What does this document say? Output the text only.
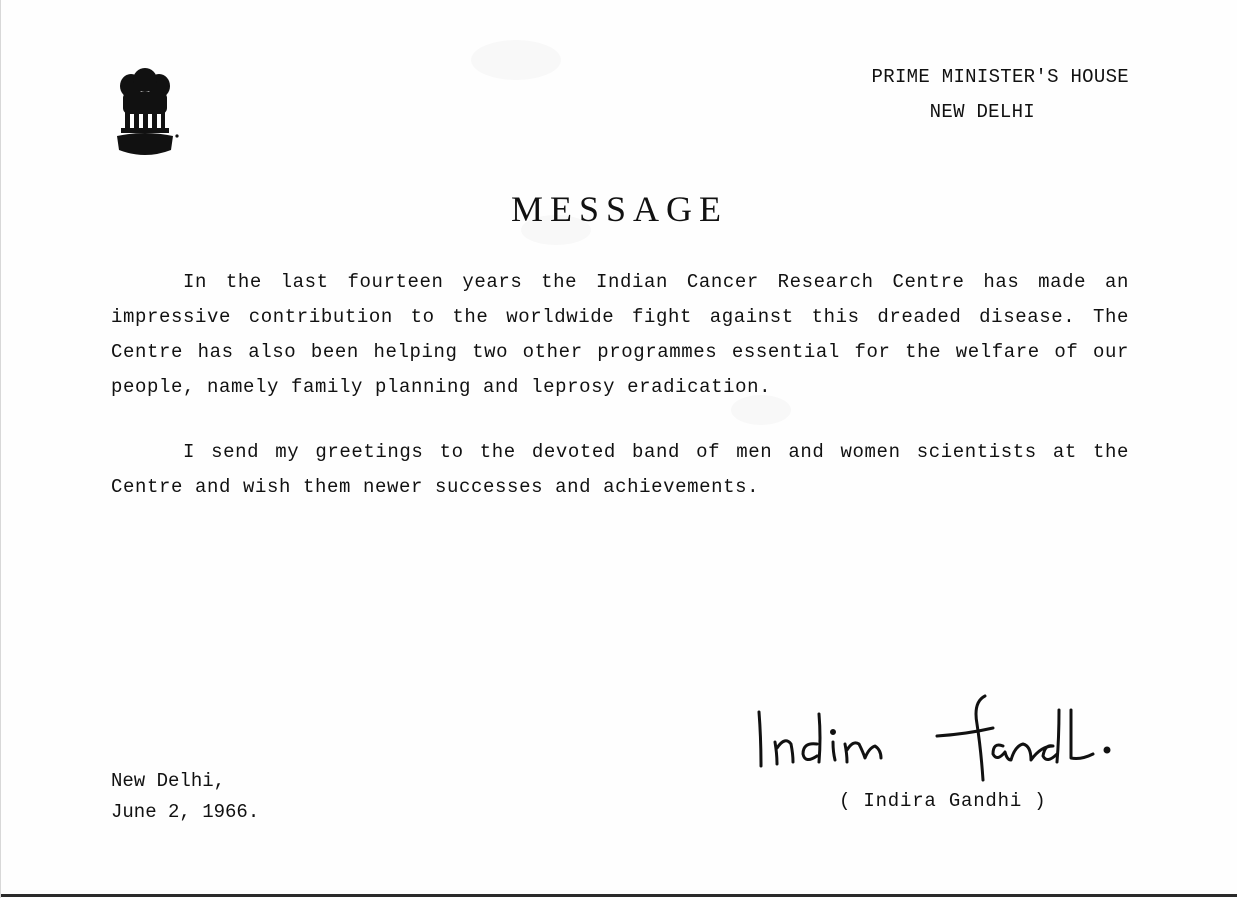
PRIME MINISTER'S HOUSE
NEW DELHI
MESSAGE

In the last fourteen years the Indian Cancer Research Centre has made an impressive contribution to the worldwide fight against this dreaded disease. The Centre has also been helping two other programmes essential for the welfare of our people, namely family planning and leprosy eradication.

I send my greetings to the devoted band of men and women scientists at the Centre and wish them newer successes and achievements.

New Delhi,
June 2, 1966.	( Indira Gandhi )
